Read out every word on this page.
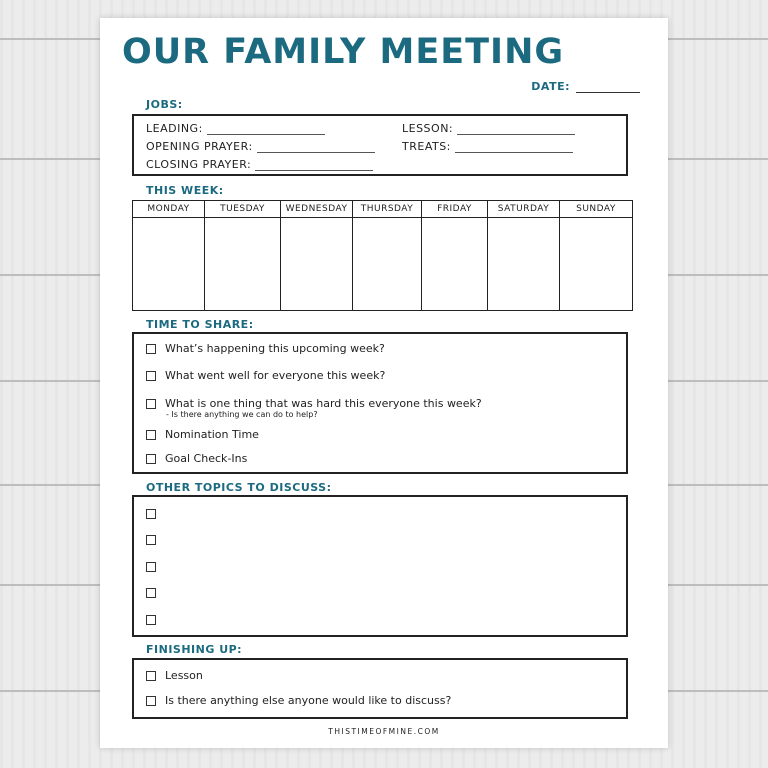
OUR FAMILY MEETING
DATE:
JOBS:
LEADING:	LESSON:
OPENING PRAYER:	TREATS:
CLOSING PRAYER:
THIS WEEK:
MONDAY	TUESDAY	WEDNESDAY	THURSDAY	FRIDAY	SATURDAY	SUNDAY

TIME TO SHARE:
What’s happening this upcoming week?
What went well for everyone this week?
What is one thing that was hard this everyone this week?
- Is there anything we can do to help?
Nomination Time
Goal Check-Ins
OTHER TOPICS TO DISCUSS:
FINISHING UP:
Lesson
Is there anything else anyone would like to discuss?
THISTIMEOFMINE.COM
